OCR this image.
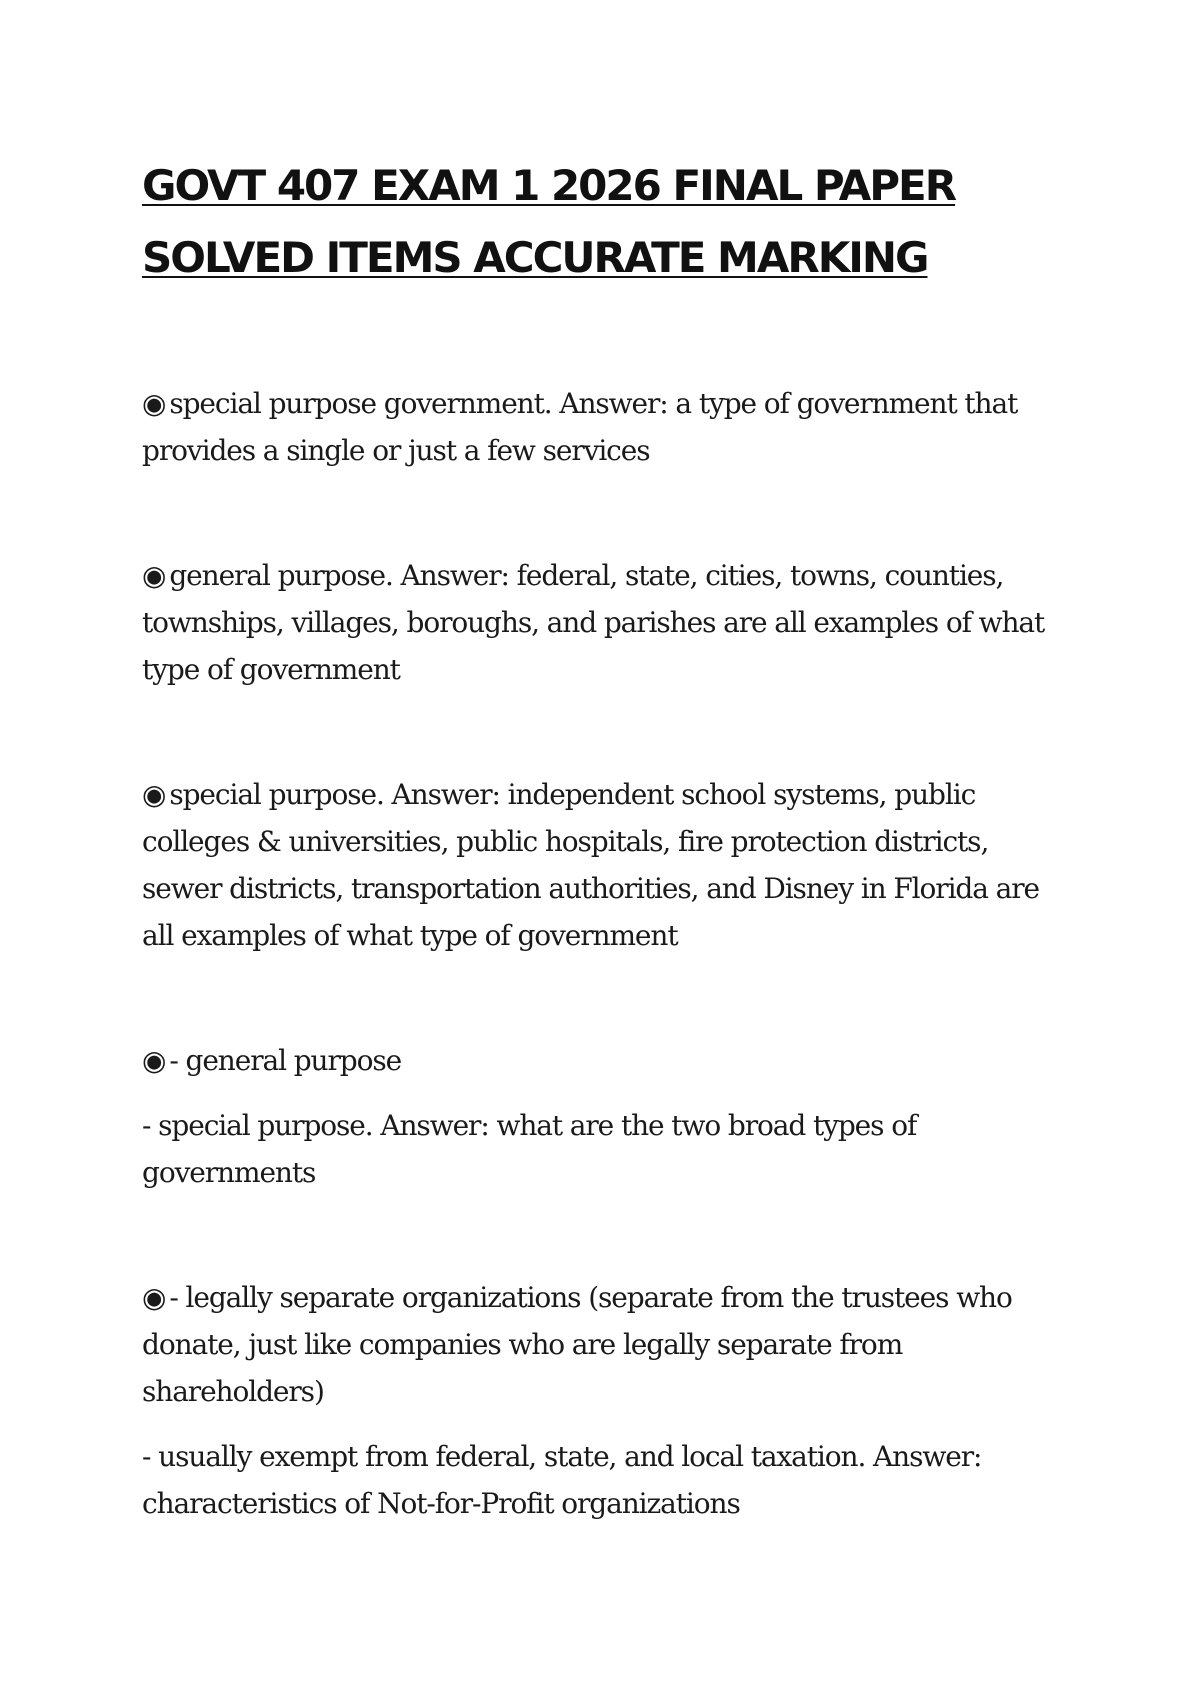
GOVT 407 EXAM 1 2026 FINAL PAPER SOLVED ITEMS ACCURATE MARKING

◉ special purpose government. Answer: a type of government that provides a single or just a few services

◉ general purpose. Answer: federal, state, cities, towns, counties, townships, villages, boroughs, and parishes are all examples of what type of government

◉ special purpose. Answer: independent school systems, public colleges & universities, public hospitals, fire protection districts, sewer districts, transportation authorities, and Disney in Florida are all examples of what type of government

◉ - general purpose

- special purpose. Answer: what are the two broad types of governments

◉ - legally separate organizations (separate from the trustees who donate, just like companies who are legally separate from shareholders)

- usually exempt from federal, state, and local taxation. Answer: characteristics of Not-for-Profit organizations
